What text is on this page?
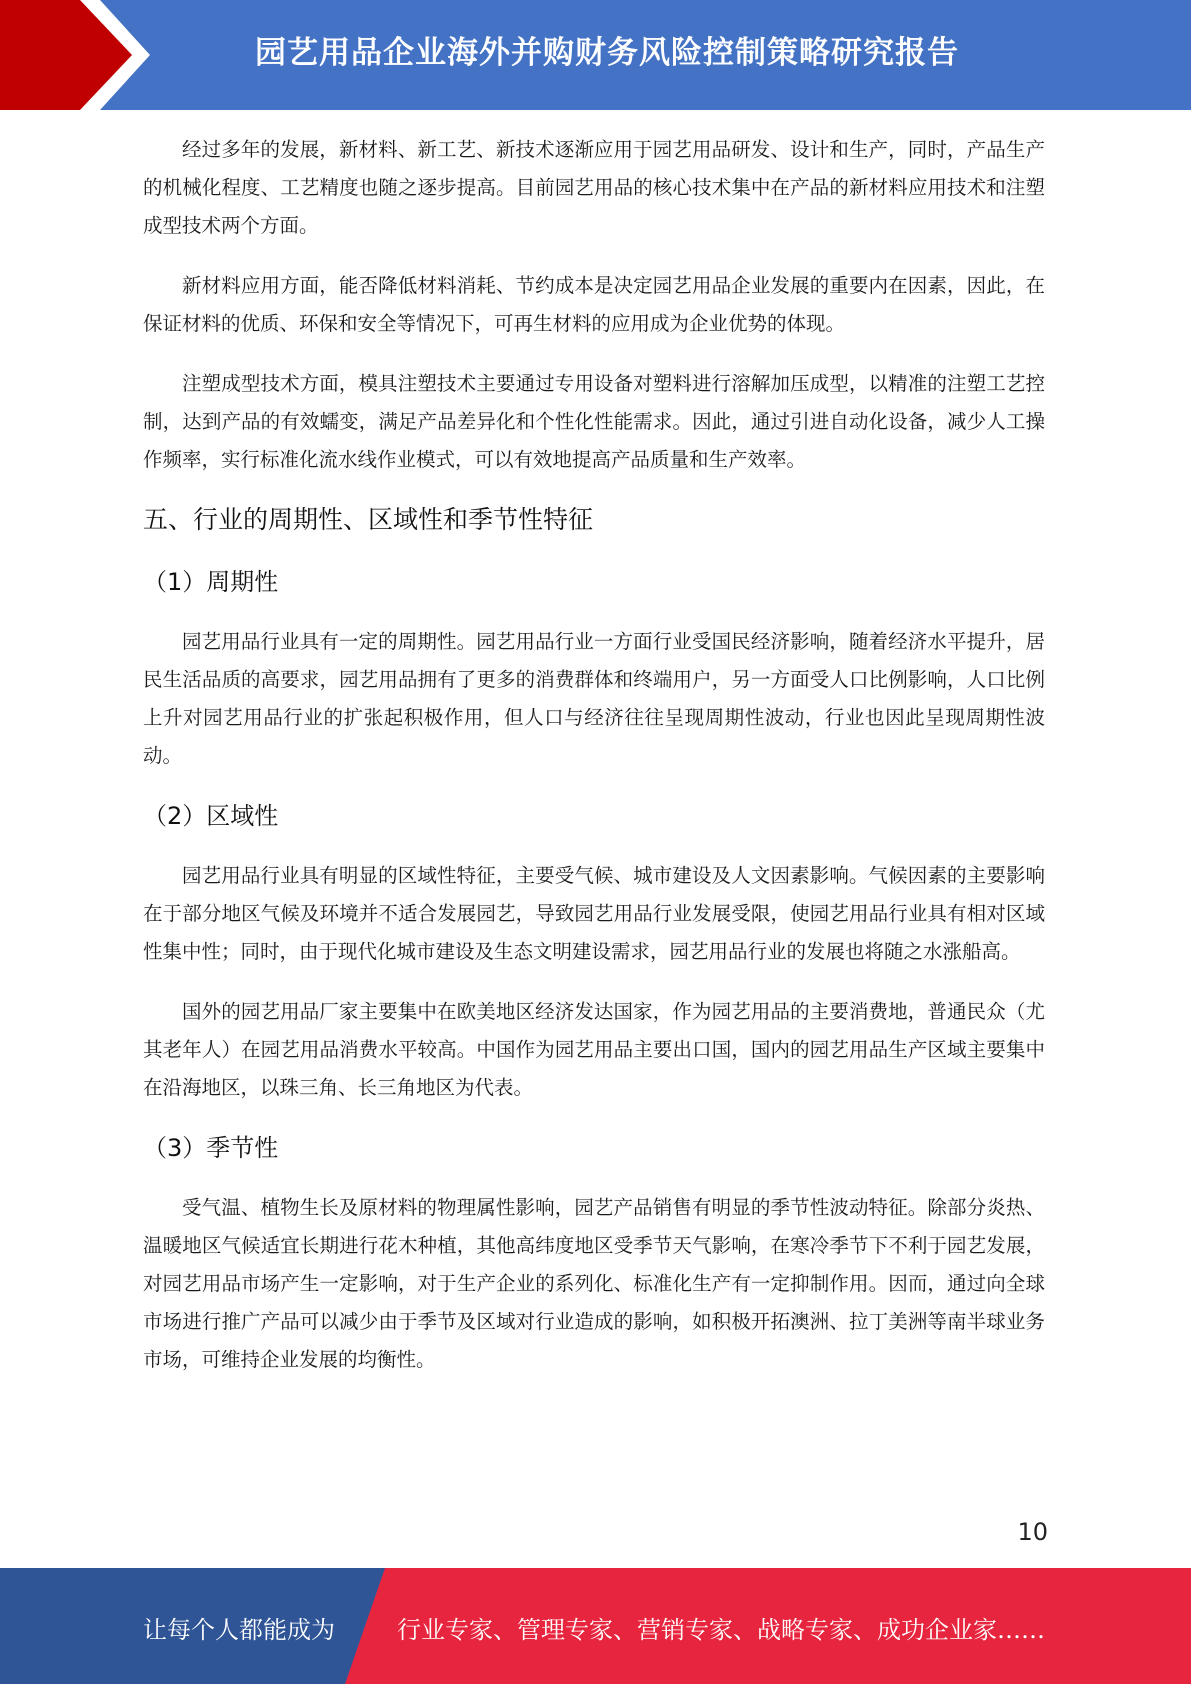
园艺用品企业海外并购财务风险控制策略研究报告

经过多年的发展，新材料、新工艺、新技术逐渐应用于园艺用品研发、设计和生产，同时，产品生产的机械化程度、工艺精度也随之逐步提高。目前园艺用品的核心技术集中在产品的新材料应用技术和注塑成型技术两个方面。

新材料应用方面，能否降低材料消耗、节约成本是决定园艺用品企业发展的重要内在因素，因此，在保证材料的优质、环保和安全等情况下，可再生材料的应用成为企业优势的体现。

注塑成型技术方面，模具注塑技术主要通过专用设备对塑料进行溶解加压成型，以精准的注塑工艺控制，达到产品的有效蠕变，满足产品差异化和个性化性能需求。因此，通过引进自动化设备，减少人工操作频率，实行标准化流水线作业模式，可以有效地提高产品质量和生产效率。

五、行业的周期性、区域性和季节性特征
（1）周期性

园艺用品行业具有一定的周期性。园艺用品行业一方面行业受国民经济影响，随着经济水平提升，居民生活品质的高要求，园艺用品拥有了更多的消费群体和终端用户，另一方面受人口比例影响，人口比例上升对园艺用品行业的扩张起积极作用，但人口与经济往往呈现周期性波动，行业也因此呈现周期性波动。

（2）区域性

园艺用品行业具有明显的区域性特征，主要受气候、城市建设及人文因素影响。气候因素的主要影响在于部分地区气候及环境并不适合发展园艺，导致园艺用品行业发展受限，使园艺用品行业具有相对区域性集中性；同时，由于现代化城市建设及生态文明建设需求，园艺用品行业的发展也将随之水涨船高。

国外的园艺用品厂家主要集中在欧美地区经济发达国家，作为园艺用品的主要消费地，普通民众（尤其老年人）在园艺用品消费水平较高。中国作为园艺用品主要出口国，国内的园艺用品生产区域主要集中在沿海地区，以珠三角、长三角地区为代表。

（3）季节性

受气温、植物生长及原材料的物理属性影响，园艺产品销售有明显的季节性波动特征。除部分炎热、温暖地区气候适宜长期进行花木种植，其他高纬度地区受季节天气影响，在寒冷季节下不利于园艺发展，对园艺用品市场产生一定影响，对于生产企业的系列化、标准化生产有一定抑制作用。因而，通过向全球市场进行推广产品可以减少由于季节及区域对行业造成的影响，如积极开拓澳洲、拉丁美洲等南半球业务市场，可维持企业发展的均衡性。

10
让每个人都能成为	行业专家、管理专家、营销专家、战略专家、成功企业家……
